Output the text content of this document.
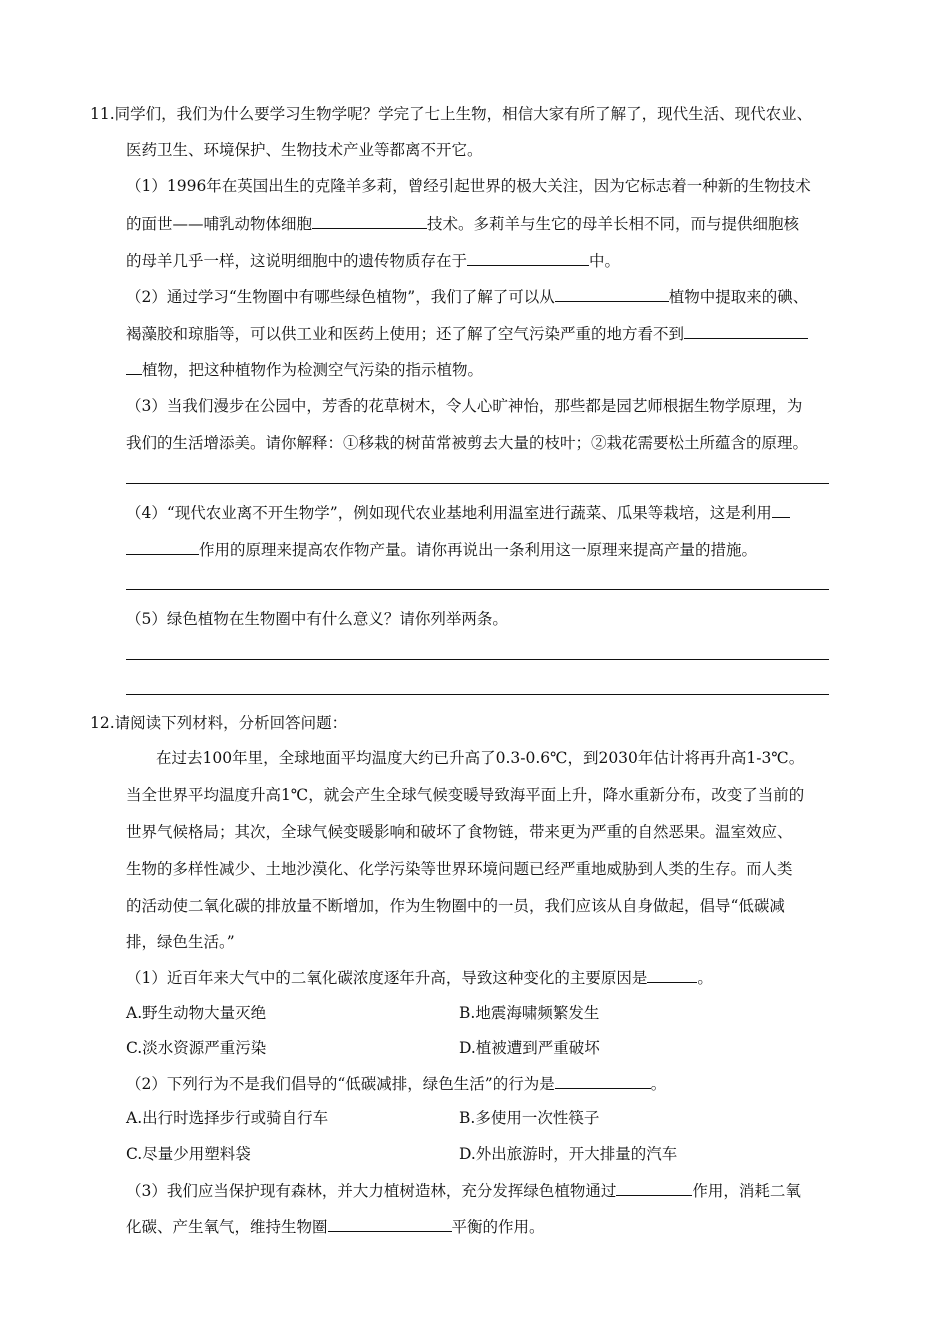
11.同学们，我们为什么要学习生物学呢？学完了七上生物，相信大家有所了解了，现代生活、现代农业、
医药卫生、环境保护、生物技术产业等都离不开它。
（1）1996年在英国出生的克隆羊多莉，曾经引起世界的极大关注，因为它标志着一种新的生物技术
的面世——哺乳动物体细胞	技术。多莉羊与生它的母羊长相不同，而与提供细胞核
的母羊几乎一样，这说明细胞中的遗传物质存在于	中。
（2）通过学习“生物圈中有哪些绿色植物”，我们了解了可以从	植物中提取来的碘、
褐藻胶和琼脂等，可以供工业和医药上使用；还了解了空气污染严重的地方看不到
植物，把这种植物作为检测空气污染的指示植物。
（3）当我们漫步在公园中，芳香的花草树木，令人心旷神怡，那些都是园艺师根据生物学原理，为
我们的生活增添美。请你解释：①移栽的树苗常被剪去大量的枝叶；②栽花需要松土所蕴含的原理。
（4）“现代农业离不开生物学”，例如现代农业基地利用温室进行蔬菜、瓜果等栽培，这是利用
作用的原理来提高农作物产量。请你再说出一条利用这一原理来提高产量的措施。
（5）绿色植物在生物圈中有什么意义？请你列举两条。
12.请阅读下列材料，分析回答问题：
在过去100年里，全球地面平均温度大约已升高了0.3-0.6℃，到2030年估计将再升高1-3℃。
当全世界平均温度升高1℃，就会产生全球气候变暖导致海平面上升，降水重新分布，改变了当前的
世界气候格局；其次，全球气候变暖影响和破坏了食物链，带来更为严重的自然恶果。温室效应、
生物的多样性减少、土地沙漠化、化学污染等世界环境问题已经严重地威胁到人类的生存。而人类
的活动使二氧化碳的排放量不断增加，作为生物圈中的一员，我们应该从自身做起，倡导“低碳减
排，绿色生活。”
（1）近百年来大气中的二氧化碳浓度逐年升高，导致这种变化的主要原因是	。
A.野生动物大量灭绝	B.地震海啸频繁发生
C.淡水资源严重污染	D.植被遭到严重破坏
（2）下列行为不是我们倡导的“低碳减排，绿色生活”的行为是	。
A.出行时选择步行或骑自行车	B.多使用一次性筷子
C.尽量少用塑料袋	D.外出旅游时，开大排量的汽车
（3）我们应当保护现有森林，并大力植树造林，充分发挥绿色植物通过	作用，消耗二氧
化碳、产生氧气，维持生物圈	平衡的作用。
